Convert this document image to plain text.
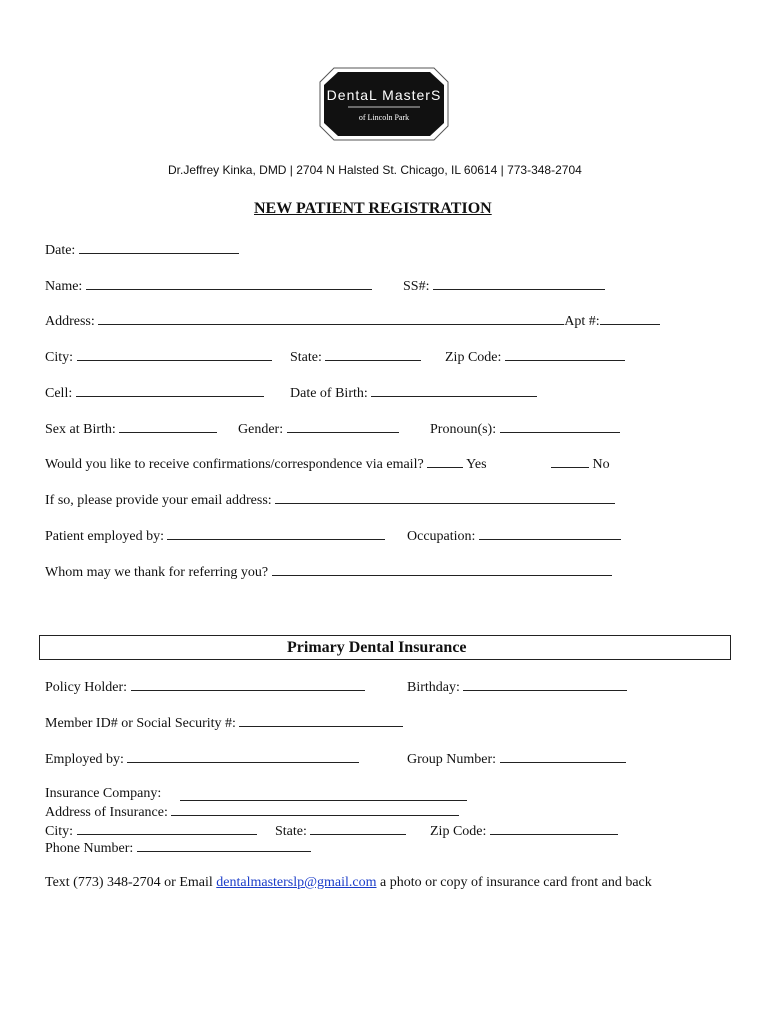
DentaL MasterS
of Lincoln Park
Dr.Jeffrey Kinka, DMD | 2704 N Halsted St. Chicago, IL 60614 | 773-348-2704
NEW PATIENT REGISTRATION
Date:
Name:	SS#:
Address:	Apt #:
City:	State:	Zip Code:
Cell:	Date of Birth:
Sex at Birth:	Gender:	Pronoun(s):
Would you like to receive confirmations/correspondence via email?	Yes	No
If so, please provide your email address:
Patient employed by:	Occupation:
Whom may we thank for referring you?
Primary Dental Insurance
Policy Holder:	Birthday:
Member ID# or Social Security #:
Employed by:	Group Number:
Insurance Company:
Address of Insurance:
City:	State:	Zip Code:
Phone Number:
Text (773) 348-2704 or Email dentalmasterslp@gmail.com a photo or copy of insurance card front and back
